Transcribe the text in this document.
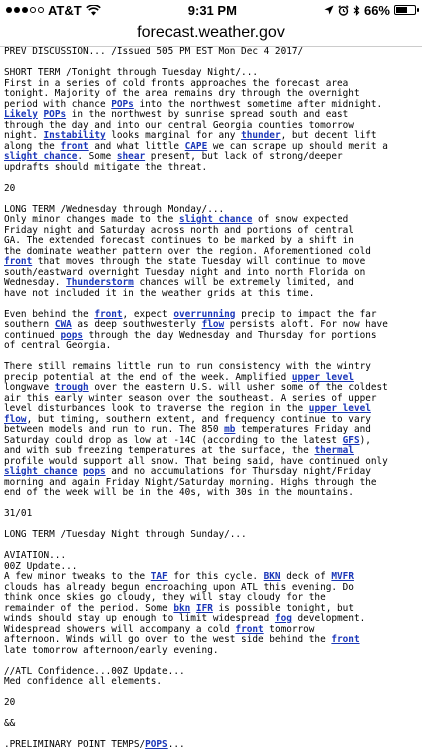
AT&T	9:31 PM	66%
forecast.weather.gov
PREV DISCUSSION... /Issued 505 PM EST Mon Dec 4 2017/

SHORT TERM /Tonight through Tuesday Night/...
First in a series of cold fronts approaches the forecast area
tonight. Majority of the area remains dry through the overnight
period with chance POPs into the northwest sometime after midnight.
Likely POPs in the northwest by sunrise spread south and east
through the day and into our central Georgia counties tomorrow
night. Instability looks marginal for any thunder, but decent lift
along the front and what little CAPE we can scrape up should merit a
slight chance. Some shear present, but lack of strong/deeper
updrafts should mitigate the threat.

20

LONG TERM /Wednesday through Monday/...
Only minor changes made to the slight chance of snow expected
Friday night and Saturday across north and portions of central
GA. The extended forecast continues to be marked by a shift in
the dominate weather pattern over the region. Aforementioned cold
front that moves through the state Tuesday will continue to move
south/eastward overnight Tuesday night and into north Florida on
Wednesday. Thunderstorm chances will be extremely limited, and
have not included it in the weather grids at this time.

Even behind the front, expect overrunning precip to impact the far
southern CWA as deep southwesterly flow persists aloft. For now have
continued pops through the day Wednesday and Thursday for portions
of central Georgia.

There still remains little run to run consistency with the wintry
precip potential at the end of the week. Amplified upper level
longwave trough over the eastern U.S. will usher some of the coldest
air this early winter season over the southeast. A series of upper
level disturbances look to traverse the region in the upper level
flow, but timing, southern extent, and frequency continue to vary
between models and run to run. The 850 mb temperatures Friday and
Saturday could drop as low at -14C (according to the latest GFS),
and with sub freezing temperatures at the surface, the thermal
profile would support all snow. That being said, have continued only
slight chance pops and no accumulations for Thursday night/Friday
morning and again Friday Night/Saturday morning. Highs through the
end of the week will be in the 40s, with 30s in the mountains.

31/01

LONG TERM /Tuesday Night through Sunday/...

AVIATION...
00Z Update...
A few minor tweaks to the TAF for this cycle. BKN deck of MVFR
clouds has already begun encroaching upon ATL this evening. Do
think once skies go cloudy, they will stay cloudy for the
remainder of the period. Some bkn IFR is possible tonight, but
winds should stay up enough to limit widespread fog development.
Widespread showers will accompany a cold front tomorrow
afternoon. Winds will go over to the west side behind the front
late tomorrow afternoon/early evening.

//ATL Confidence...00Z Update...
Med confidence all elements.

20

&&

.PRELIMINARY POINT TEMPS/POPS...
